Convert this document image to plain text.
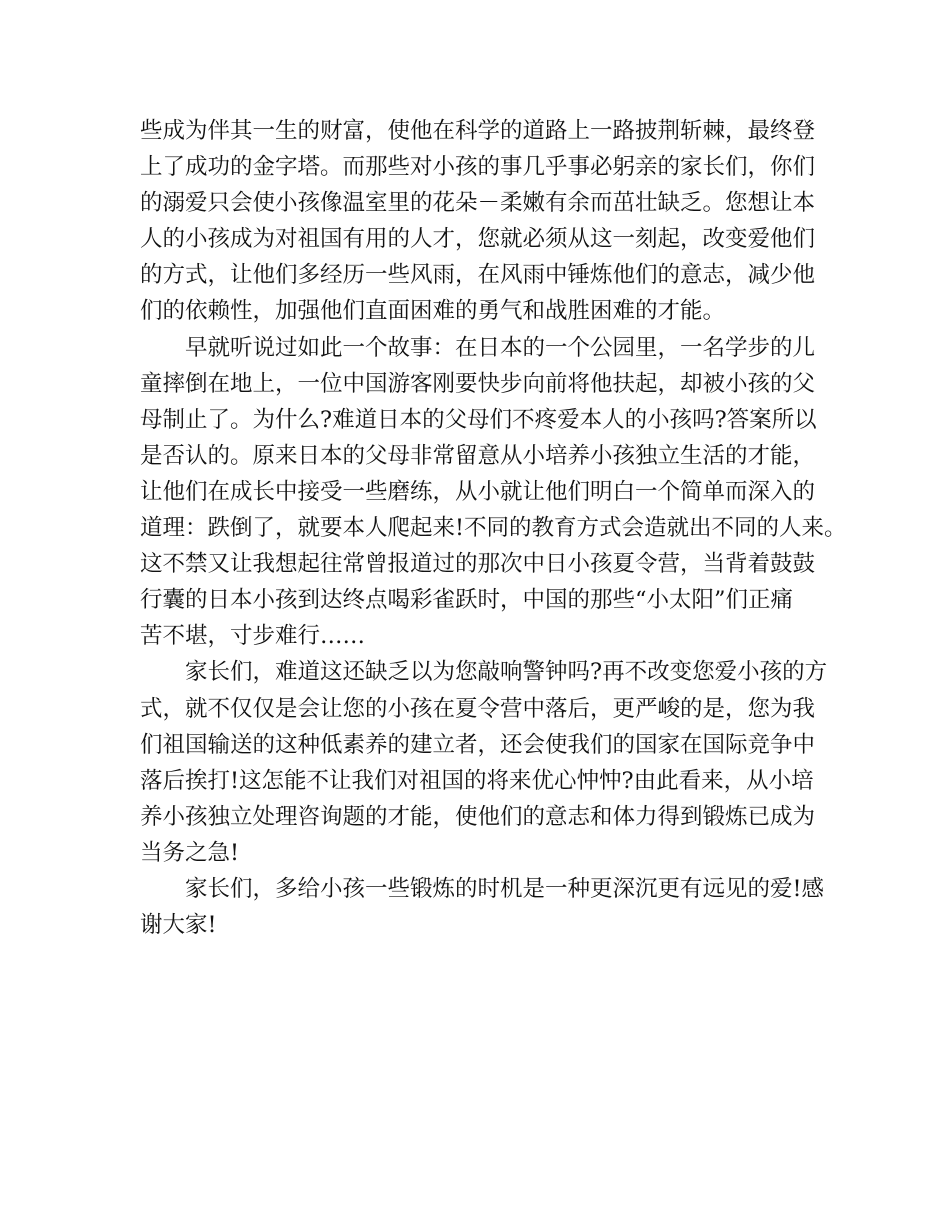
些成为伴其一生的财富，使他在科学的道路上一路披荆斩棘，最终登
上了成功的金字塔。而那些对小孩的事几乎事必躬亲的家长们，你们
的溺爱只会使小孩像温室里的花朵－柔嫩有余而茁壮缺乏。您想让本
人的小孩成为对祖国有用的人才，您就必须从这一刻起，改变爱他们
的方式，让他们多经历一些风雨，在风雨中锤炼他们的意志，减少他
们的依赖性，加强他们直面困难的勇气和战胜困难的才能。
早就听说过如此一个故事：在日本的一个公园里，一名学步的儿
童摔倒在地上，一位中国游客刚要快步向前将他扶起，却被小孩的父
母制止了。为什么?难道日本的父母们不疼爱本人的小孩吗?答案所以
是否认的。原来日本的父母非常留意从小培养小孩独立生活的才能，
让他们在成长中接受一些磨练，从小就让他们明白一个简单而深入的
道理：跌倒了，就要本人爬起来!不同的教育方式会造就出不同的人来。
这不禁又让我想起往常曾报道过的那次中日小孩夏令营，当背着鼓鼓
行囊的日本小孩到达终点喝彩雀跃时，中国的那些“小太阳”们正痛
苦不堪，寸步难行……
家长们，难道这还缺乏以为您敲响警钟吗?再不改变您爱小孩的方
式，就不仅仅是会让您的小孩在夏令营中落后，更严峻的是，您为我
们祖国输送的这种低素养的建立者，还会使我们的国家在国际竞争中
落后挨打!这怎能不让我们对祖国的将来优心忡忡?由此看来，从小培
养小孩独立处理咨询题的才能，使他们的意志和体力得到锻炼已成为
当务之急!
家长们，多给小孩一些锻炼的时机是一种更深沉更有远见的爱!感
谢大家!
